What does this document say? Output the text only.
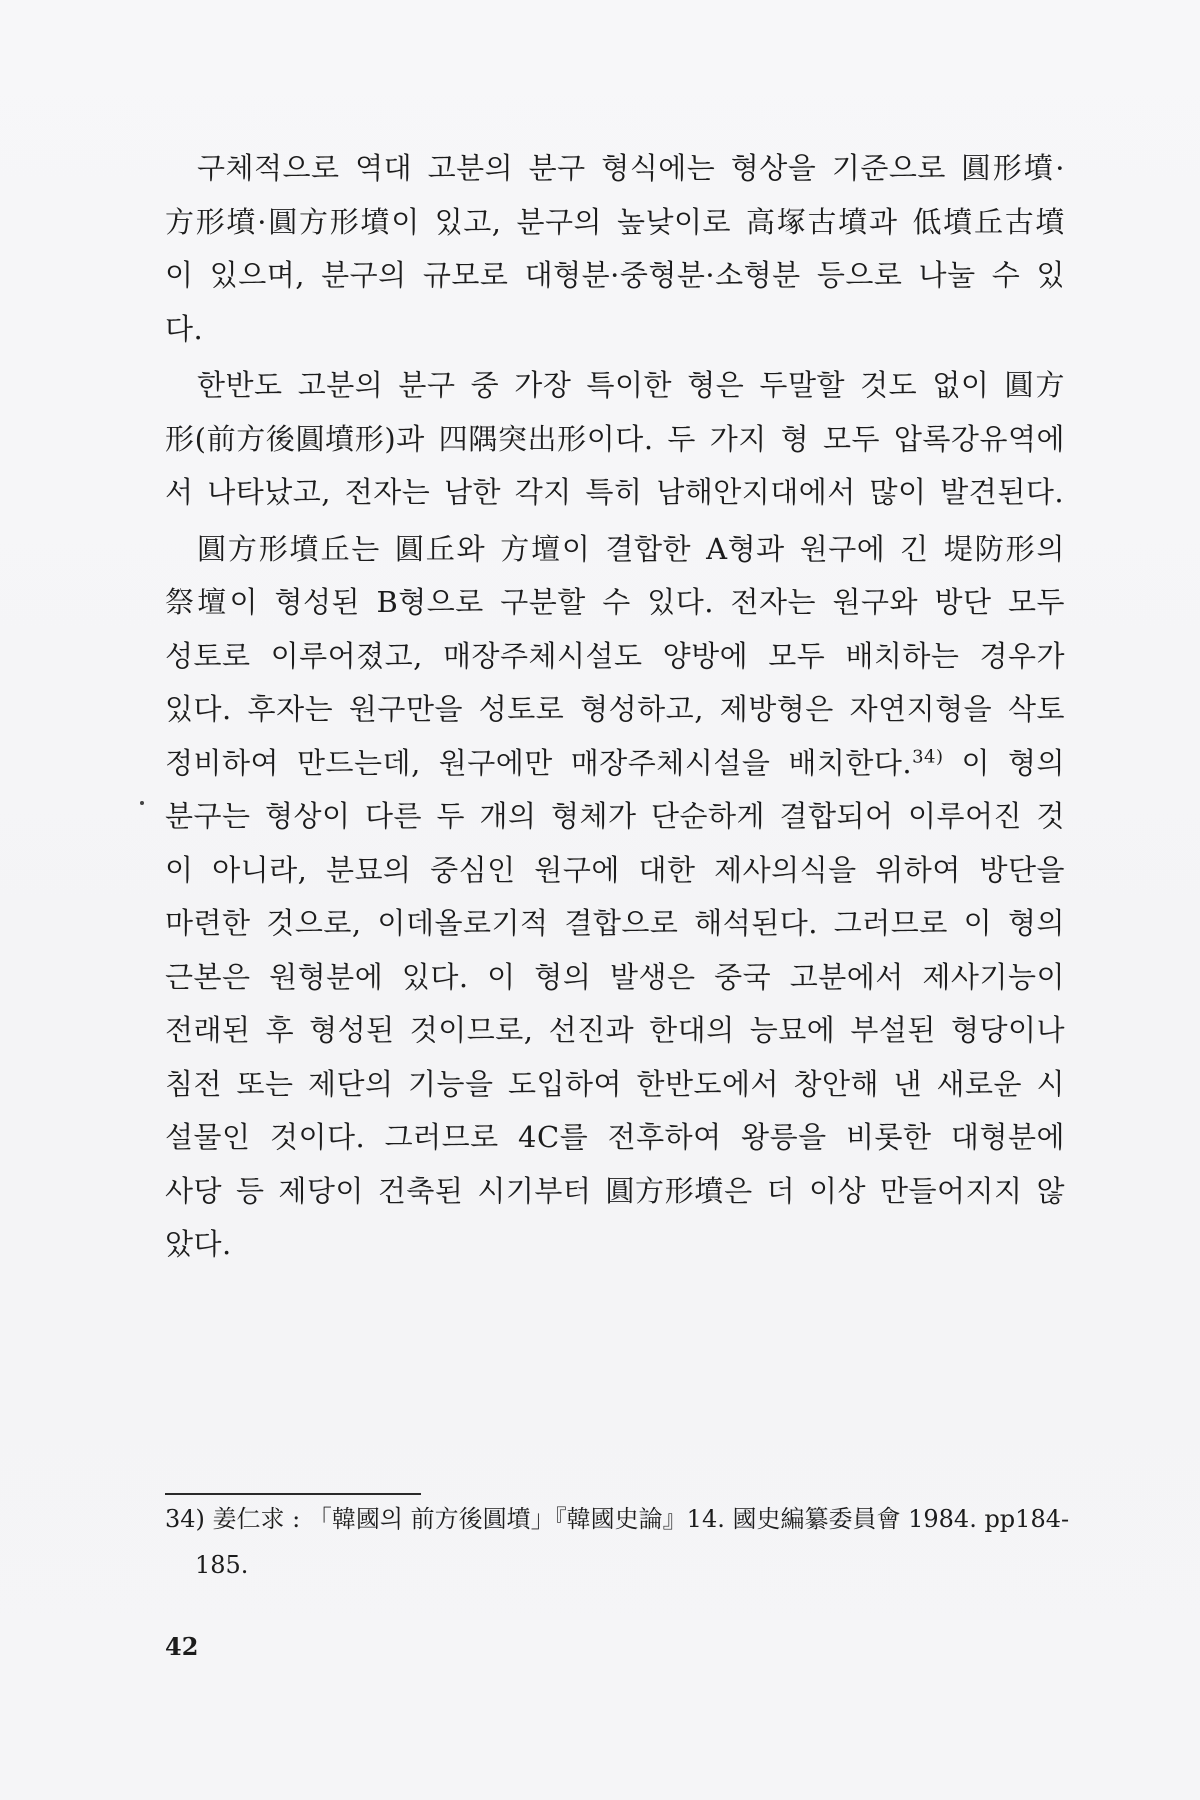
구체적으로 역대 고분의 분구 형식에는 형상을 기준으로 圓形墳·方形墳·圓方形墳이 있고, 분구의 높낮이로 高塚古墳과 低墳丘古墳이 있으며, 분구의 규모로 대형분·중형분·소형분 등으로 나눌 수 있다.

한반도 고분의 분구 중 가장 특이한 형은 두말할 것도 없이 圓方形(前方後圓墳形)과 四隅突出形이다. 두 가지 형 모두 압록강유역에서 나타났고, 전자는 남한 각지 특히 남해안지대에서 많이 발견된다.

圓方形墳丘는 圓丘와 方壇이 결합한 A형과 원구에 긴 堤防形의 祭壇이 형성된 B형으로 구분할 수 있다. 전자는 원구와 방단 모두 성토로 이루어졌고, 매장주체시설도 양방에 모두 배치하는 경우가 있다. 후자는 원구만을 성토로 형성하고, 제방형은 자연지형을 삭토 정비하여 만드는데, 원구에만 매장주체시설을 배치한다.$^{34)}$ 이 형의 분구는 형상이 다른 두 개의 형체가 단순하게 결합되어 이루어진 것이 아니라, 분묘의 중심인 원구에 대한 제사의식을 위하여 방단을 마련한 것으로, 이데올로기적 결합으로 해석된다. 그러므로 이 형의 근본은 원형분에 있다. 이 형의 발생은 중국 고분에서 제사기능이 전래된 후 형성된 것이므로, 선진과 한대의 능묘에 부설된 형당이나 침전 또는 제단의 기능을 도입하여 한반도에서 창안해 낸 새로운 시설물인 것이다. 그러므로 4C를 전후하여 왕릉을 비롯한 대형분에 사당 등 제당이 건축된 시기부터 圓方形墳은 더 이상 만들어지지 않았다.

34) 姜仁求 : 「韓國의 前方後圓墳」『韓國史論』14. 國史編纂委員會 1984. pp184-
185.
42
